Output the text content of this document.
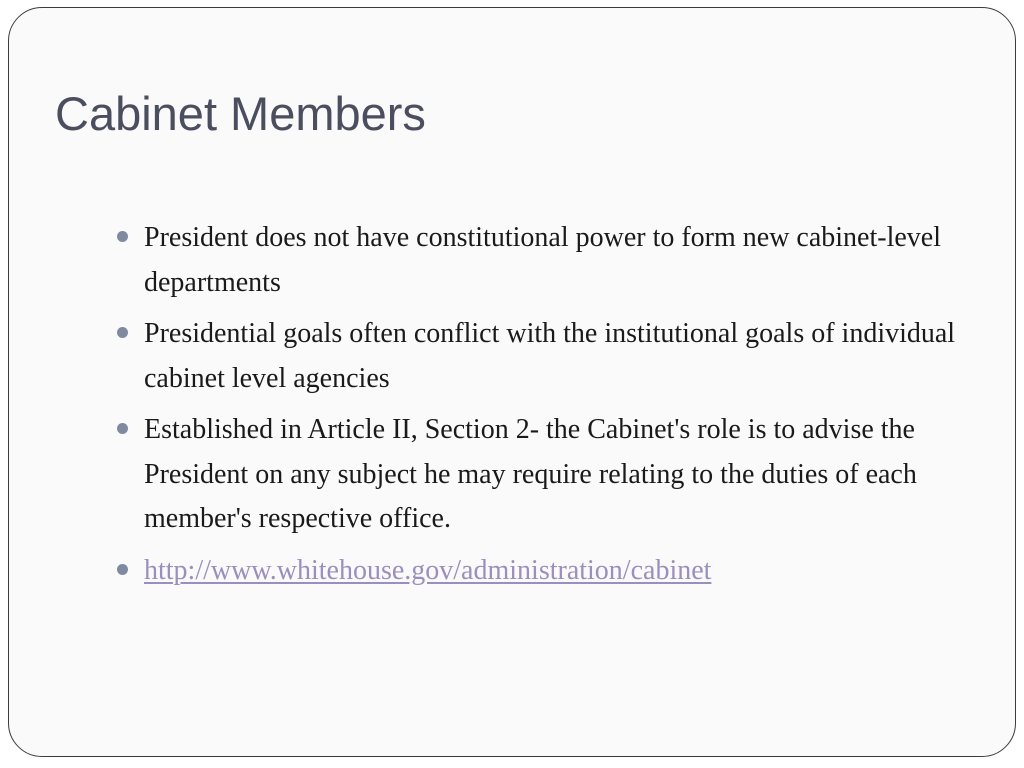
Cabinet Members
President does not have constitutional power to form new cabinet-level departments
Presidential goals often conflict with the institutional goals of individual cabinet level agencies
Established in Article II, Section 2- the Cabinet's role is to advise the President on any subject he may require relating to the duties of each member's respective office.
http://www.whitehouse.gov/administration/cabinet
